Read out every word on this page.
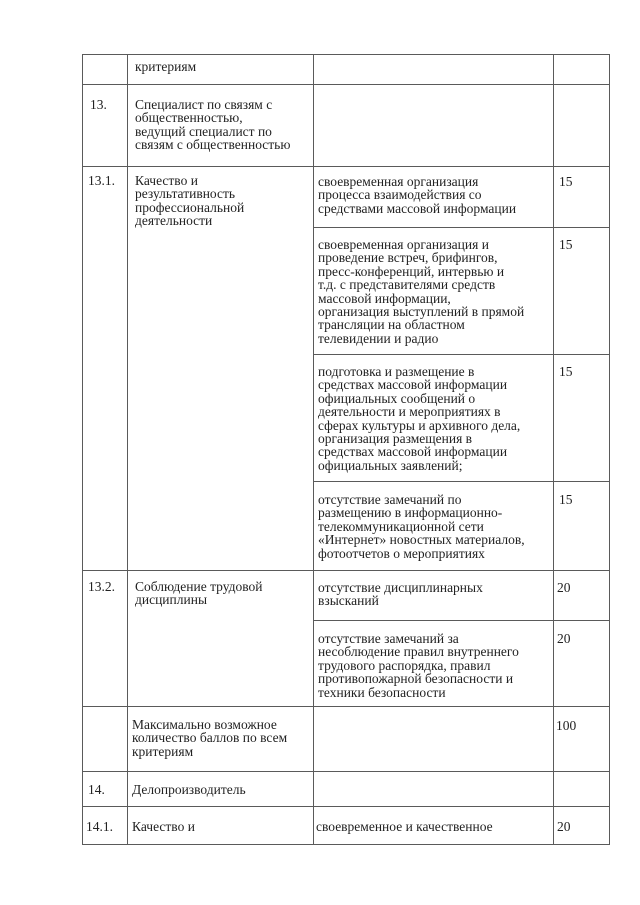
критериям
13. Специалист по связям с
общественностью,
ведущий специалист по
связям с общественностью
13.1. Качество и
результативность
профессиональной
деятельности
своевременная организация
процесса взаимодействия со
средствами массовой информации
15
своевременная организация и
проведение встреч, брифингов,
пресс-конференций, интервью и
т.д. с представителями средств
массовой информации,
организация выступлений в прямой
трансляции на областном
телевидении и радио
15
подготовка и размещение в
средствах массовой информации
официальных сообщений о
деятельности и мероприятиях в
сферах культуры и архивного дела,
организация размещения в
средствах массовой информации
официальных заявлений;
15
отсутствие замечаний по
размещению в информационно-
телекоммуникационной сети
«Интернет» новостных материалов,
фотоотчетов о мероприятиях
15
13.2. Соблюдение трудовой
дисциплины
отсутствие дисциплинарных
взысканий
20
отсутствие замечаний за
несоблюдение правил внутреннего
трудового распорядка, правил
противопожарной безопасности и
техники безопасности
20
Максимально возможное
количество баллов по всем
критериям
100
14. Делопроизводитель
14.1. Качество и	своевременное и качественное	20
